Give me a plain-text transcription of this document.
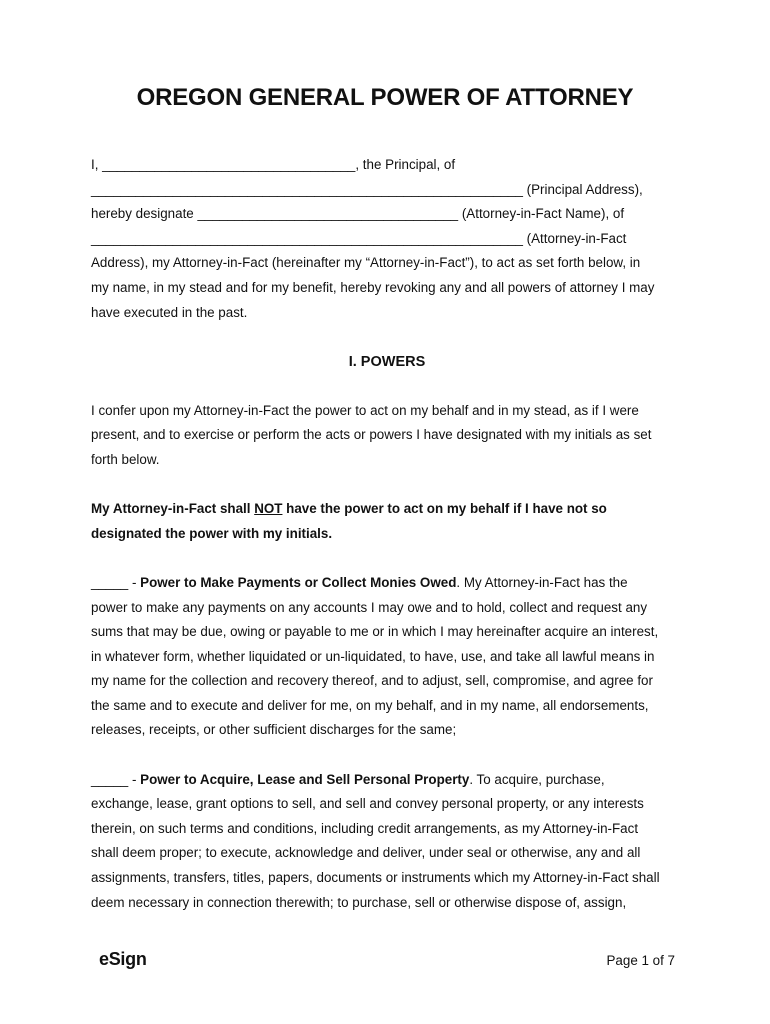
OREGON GENERAL POWER OF ATTORNEY
I, __________________________________, the Principal, of
__________________________________________________________ (Principal Address),
hereby designate ___________________________________ (Attorney-in-Fact Name), of
__________________________________________________________ (Attorney-in-Fact
Address), my Attorney-in-Fact (hereinafter my “Attorney-in-Fact”), to act as set forth below, in
my name, in my stead and for my benefit, hereby revoking any and all powers of attorney I may
have executed in the past.
I. POWERS
I confer upon my Attorney-in-Fact the power to act on my behalf and in my stead, as if I were
present, and to exercise or perform the acts or powers I have designated with my initials as set
forth below.
My Attorney-in-Fact shall NOT have the power to act on my behalf if I have not so
designated the power with my initials.
_____ - Power to Make Payments or Collect Monies Owed. My Attorney-in-Fact has the
power to make any payments on any accounts I may owe and to hold, collect and request any
sums that may be due, owing or payable to me or in which I may hereinafter acquire an interest,
in whatever form, whether liquidated or un-liquidated, to have, use, and take all lawful means in
my name for the collection and recovery thereof, and to adjust, sell, compromise, and agree for
the same and to execute and deliver for me, on my behalf, and in my name, all endorsements,
releases, receipts, or other sufficient discharges for the same;
_____ - Power to Acquire, Lease and Sell Personal Property. To acquire, purchase,
exchange, lease, grant options to sell, and sell and convey personal property, or any interests
therein, on such terms and conditions, including credit arrangements, as my Attorney-in-Fact
shall deem proper; to execute, acknowledge and deliver, under seal or otherwise, any and all
assignments, transfers, titles, papers, documents or instruments which my Attorney-in-Fact shall
deem necessary in connection therewith; to purchase, sell or otherwise dispose of, assign,
eSign	Page 1 of 7
